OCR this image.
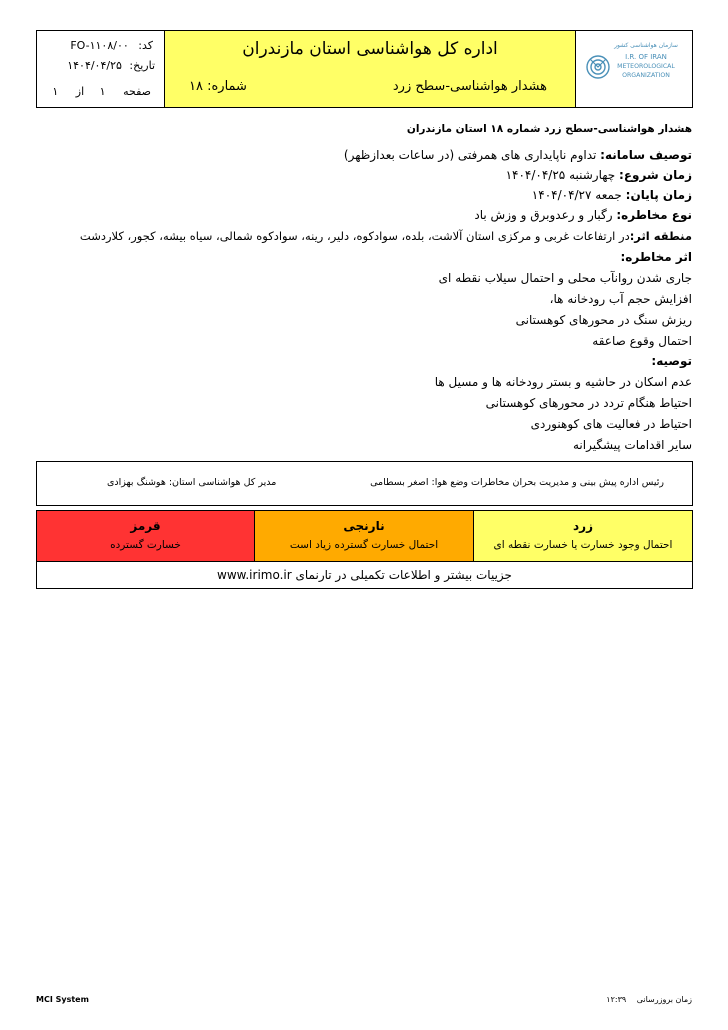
کد: FO-۱۱۰۸/۰۰
تاریخ: ۱۴۰۴/۰۴/۲۵
صفحه ۱ از ۱
اداره کل هواشناسی استان مازندران
هشدار هواشناسی-سطح زرد
شماره: ۱۸
سازمان هواشناسی کشور
I.R. OF IRAN
METEOROLOGICAL
ORGANIZATION
هشدار هواشناسی-سطح زرد شماره ۱۸ استان مازندران
توصیف سامانه: تداوم ناپایداری های همرفتی (در ساعات بعدازظهر)
زمان شروع: چهارشنبه ۱۴۰۴/۰۴/۲۵
زمان پایان: جمعه ۱۴۰۴/۰۴/۲۷
نوع مخاطره: رگبار و رعدوبرق و وزش باد
منطقه اثر:در ارتفاعات غربی و مرکزی استان آلاشت، بلده، سوادکوه، دلیر، رینه، سوادکوه شمالی، سیاه بیشه، کجور، کلاردشت
اثر مخاطره:
جاری شدن روانآب محلی و احتمال سیلاب نقطه ای
افزایش حجم آب رودخانه ها،
ریزش سنگ در محورهای کوهستانی
احتمال وقوع صاعقه
توصیه:
عدم اسکان در حاشیه و بستر رودخانه ها و مسیل ها
احتیاط هنگام تردد در محورهای کوهستانی
احتیاط در فعالیت های کوهنوردی
سایر اقدامات پیشگیرانه
رئیس اداره پیش بینی و مدیریت بحران مخاطرات وضع هوا: اصغر بسطامی
مدیر کل هواشناسی استان: هوشنگ بهزادی
زرد
احتمال وجود خسارت یا خسارت نقطه ای
نارنجی
احتمال خسارت گسترده زیاد است
قرمز
خسارت گسترده
جزییات بیشتر و اطلاعات تکمیلی در تارنمای www.irimo.ir
MCI System	زمان بروزرسانی ۱۲:۳۹
